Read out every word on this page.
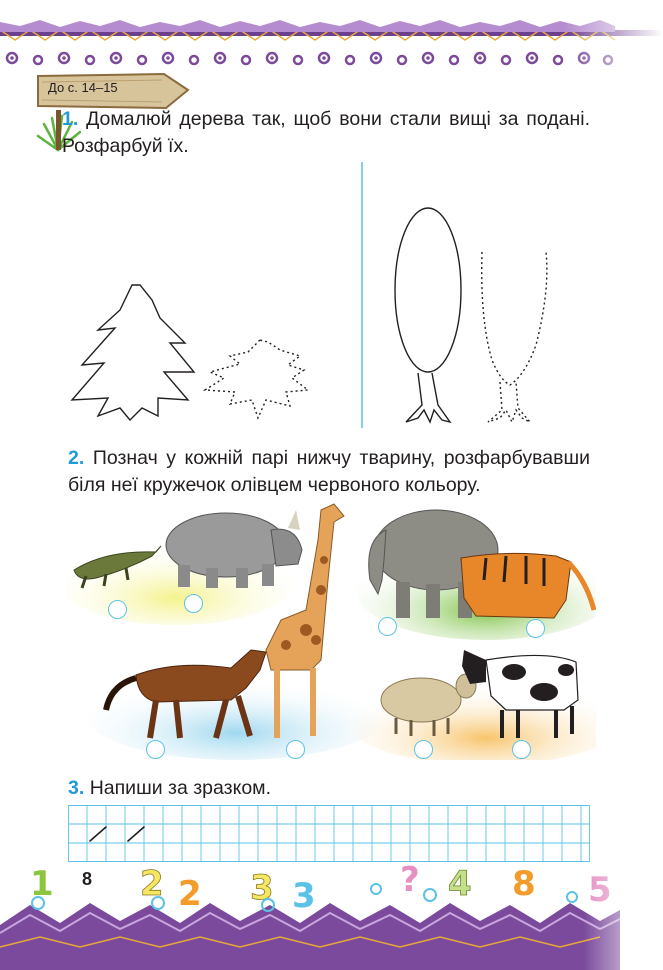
До с. 14–15
1. Домалюй дерева так, щоб вони стали вищі за подані. Розфарбуй їх.
2. Познач у кожній парі нижчу тварину, розфарбувавши біля неї кружечок олівцем червоного кольору.
3. Напиши за зразком.
